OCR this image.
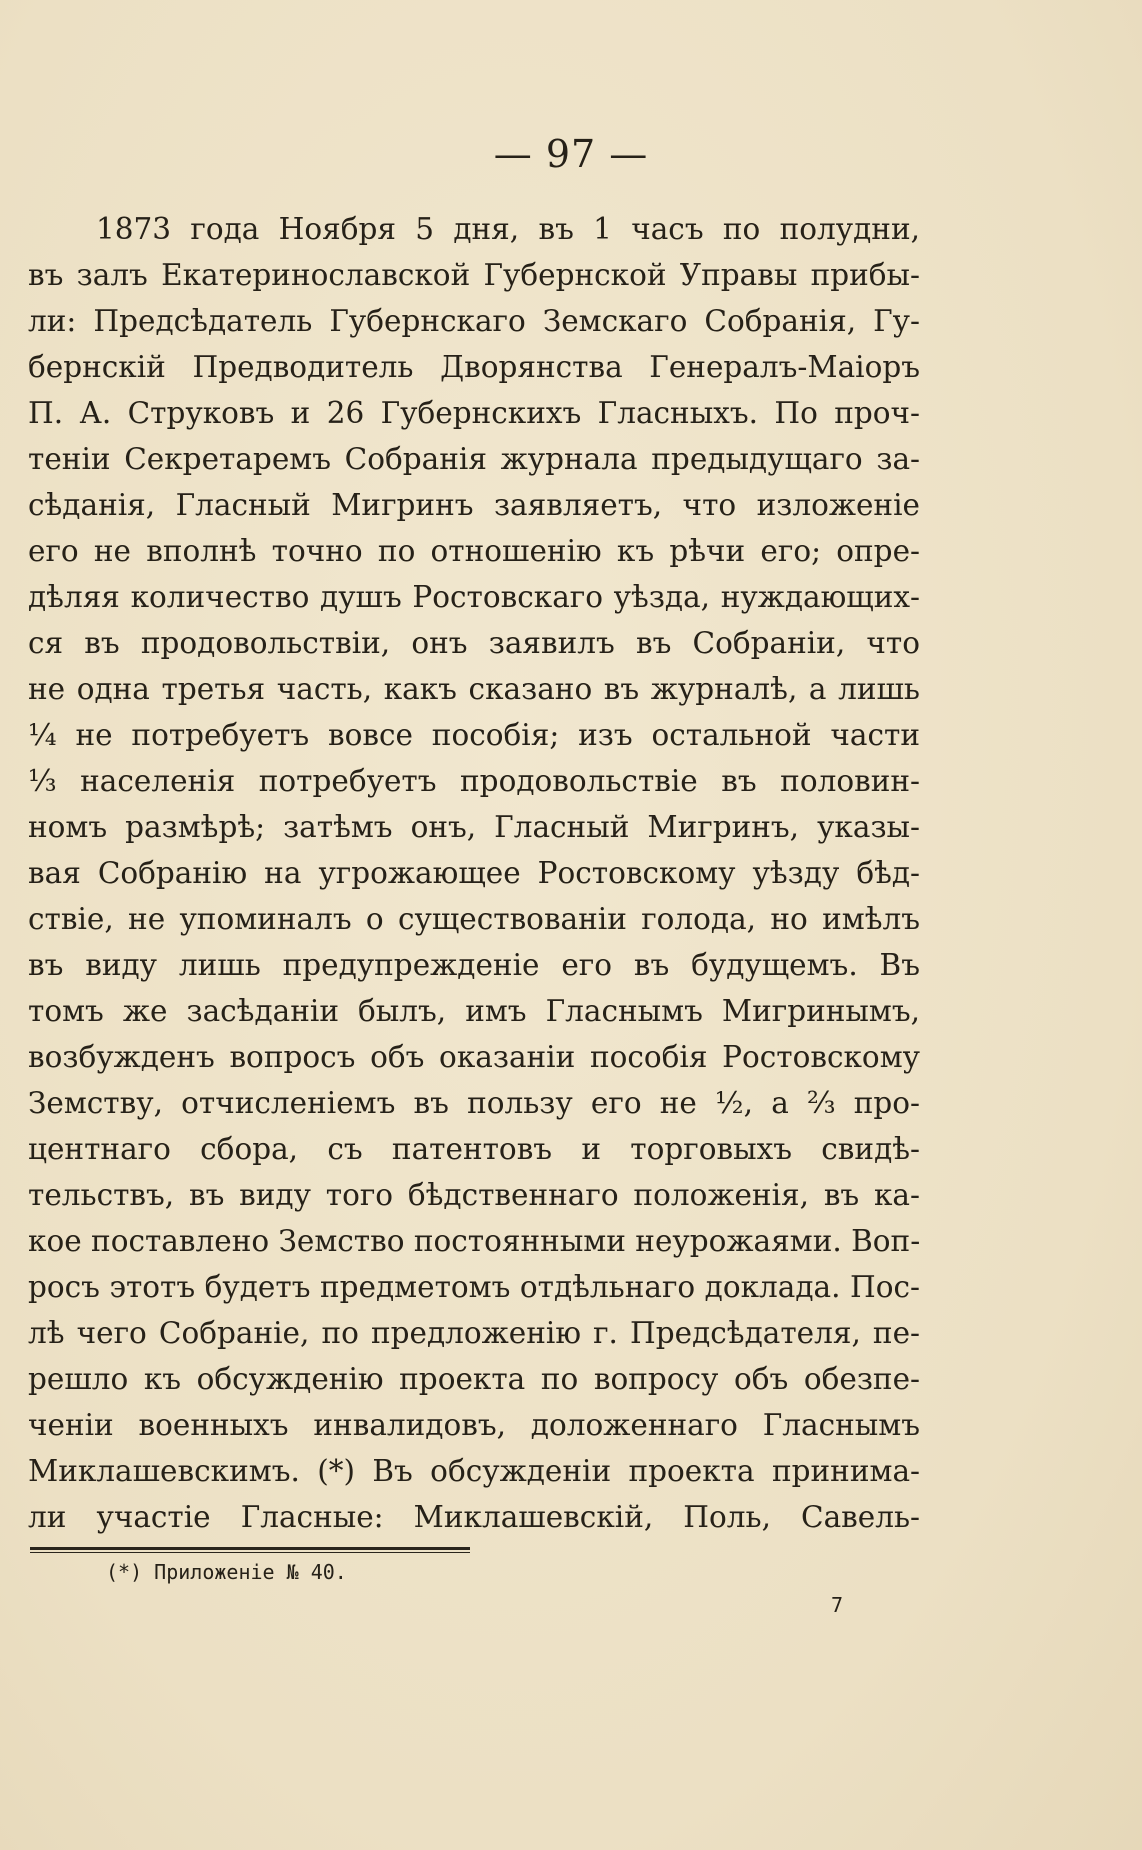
— 97 —
1873 года Ноября 5 дня, въ 1 часъ по полудни,
въ залъ Екатеринославской Губернской Управы прибы-
ли: Предсѣдатель Губернскаго Земскаго Собранія, Гу-
бернскій Предводитель Дворянства Генералъ-Маіоръ
П. А. Струковъ и 26 Губернскихъ Гласныхъ. По проч-
теніи Секретаремъ Собранія журнала предыдущаго за-
сѣданія, Гласный Мигринъ заявляетъ, что изложеніе
его не вполнѣ точно по отношенію къ рѣчи его; опре-
дѣляя количество душъ Ростовскаго уѣзда, нуждающих-
ся въ продовольствіи, онъ заявилъ въ Собраніи, что
не одна третья часть, какъ сказано въ журналѣ, а лишь
¼ не потребуетъ вовсе пособія; изъ остальной части
⅓ населенія потребуетъ продовольствіе въ половин-
номъ размѣрѣ; затѣмъ онъ, Гласный Мигринъ, указы-
вая Собранію на угрожающее Ростовскому уѣзду бѣд-
ствіе, не упоминалъ о существованіи голода, но имѣлъ
въ виду лишь предупрежденіе его въ будущемъ. Въ
томъ же засѣданіи былъ, имъ Гласнымъ Мигринымъ,
возбужденъ вопросъ объ оказаніи пособія Ростовскому
Земству, отчисленіемъ въ пользу его не ½, а ⅔ про-
центнаго сбора, съ патентовъ и торговыхъ свидѣ-
тельствъ, въ виду того бѣдственнаго положенія, въ ка-
кое поставлено Земство постоянными неурожаями. Воп-
росъ этотъ будетъ предметомъ отдѣльнаго доклада. Пос-
лѣ чего Собраніе, по предложенію г. Предсѣдателя, пе-
решло къ обсужденію проекта по вопросу объ обезпе-
ченіи военныхъ инвалидовъ, доложеннаго Гласнымъ
Миклашевскимъ. (*) Въ обсужденіи проекта принима-
ли участіе Гласные: Миклашевскій, Поль, Савель-
(*) Приложеніе № 40.
7
